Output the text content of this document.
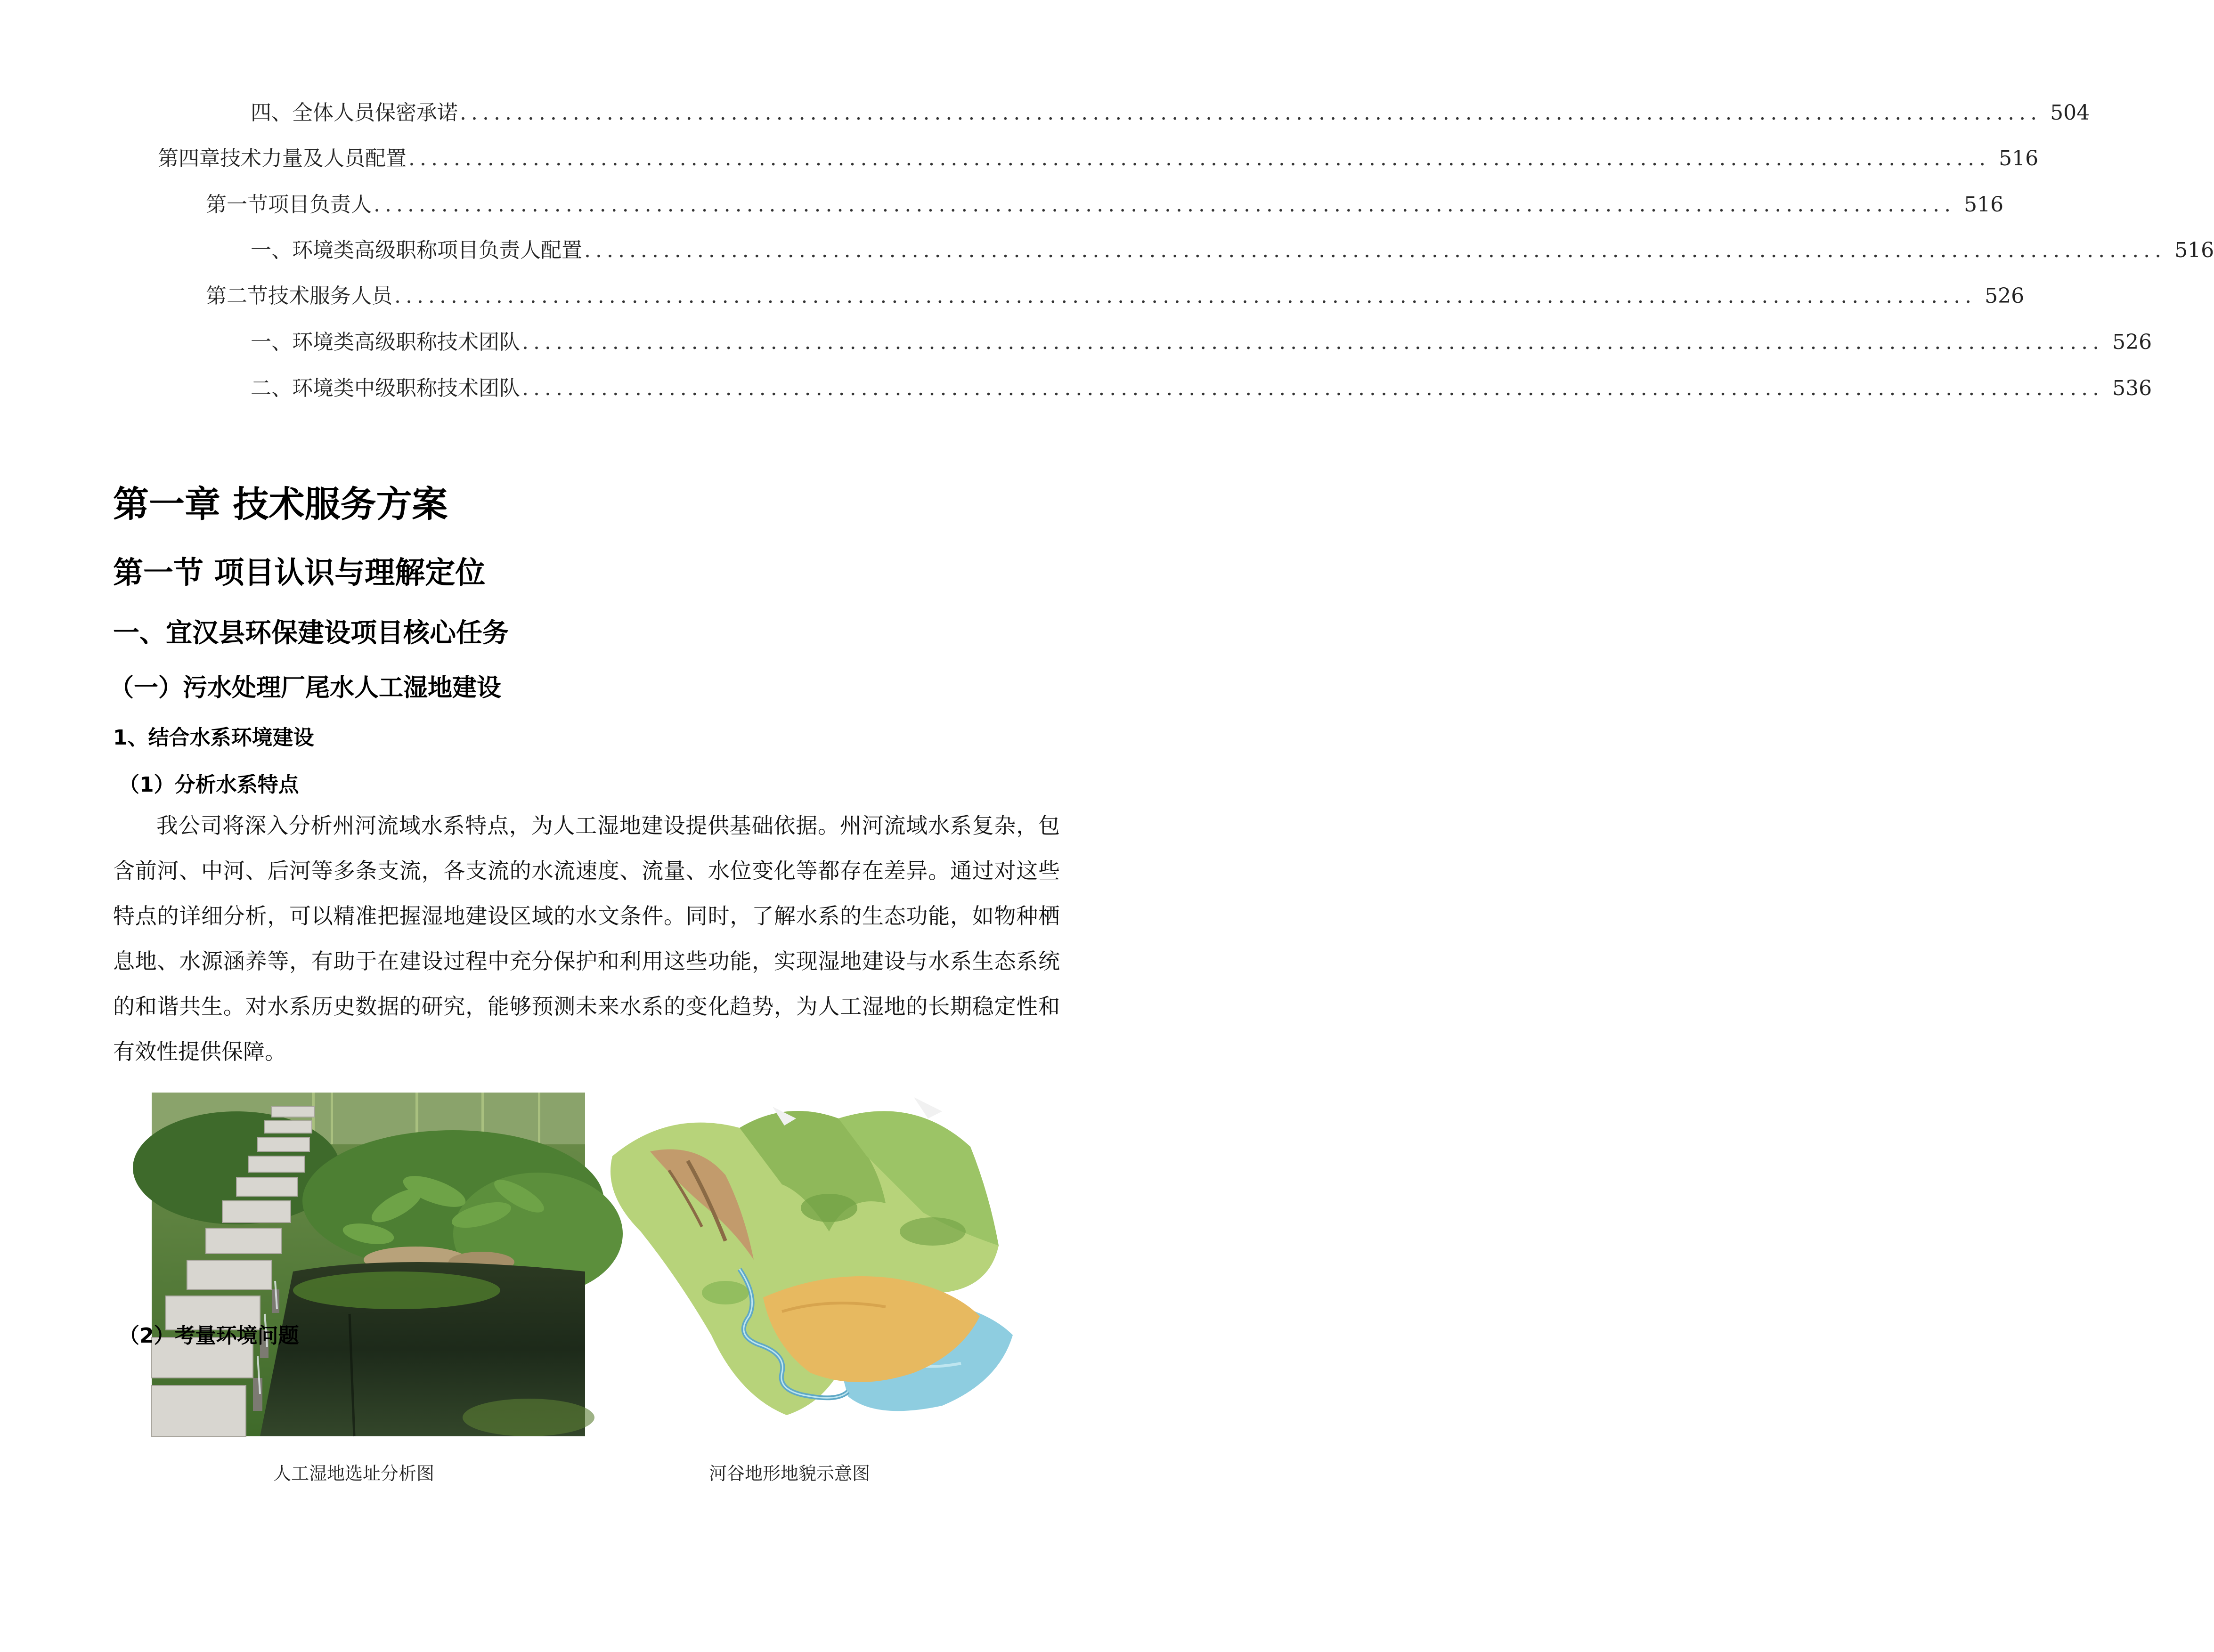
四、 全体人员保密承诺 ............................................................................................................................................ 504
第四章 技术力量及人员配置 ............................................................................................................................................ 516
第一节 项目负责人 ............................................................................................................................................ 516
一、 环境类高级职称项目负责人配置 ............................................................................................................................................ 516
第二节 技术服务人员 ............................................................................................................................................ 526
一、 环境类高级职称技术团队 ............................................................................................................................................ 526
二、 环境类中级职称技术团队 ............................................................................................................................................ 536
第一章 技术服务方案
第一节 项目认识与理解定位
一、宜汉县环保建设项目核心任务
（一）污水处理厂尾水人工湿地建设
1、结合水系环境建设
（1）分析水系特点

我公司将深入分析州河流域水系特点，为人工湿地建设提供基础依据。州河流域水系复杂，包含前河、中河、后河等多条支流，各支流的水流速度、流量、水位变化等都存在差异。通过对这些特点的详细分析，可以精准把握湿地建设区域的水文条件。同时，了解水系的生态功能，如物种栖息地、水源涵养等，有助于在建设过程中充分保护和利用这些功能，实现湿地建设与水系生态系统的和谐共生。对水系历史数据的研究，能够预测未来水系的变化趋势，为人工湿地的长期稳定性和有效性提供保障。

人工湿地选址分析图	河谷地形地貌示意图
（2）考量环境问题
